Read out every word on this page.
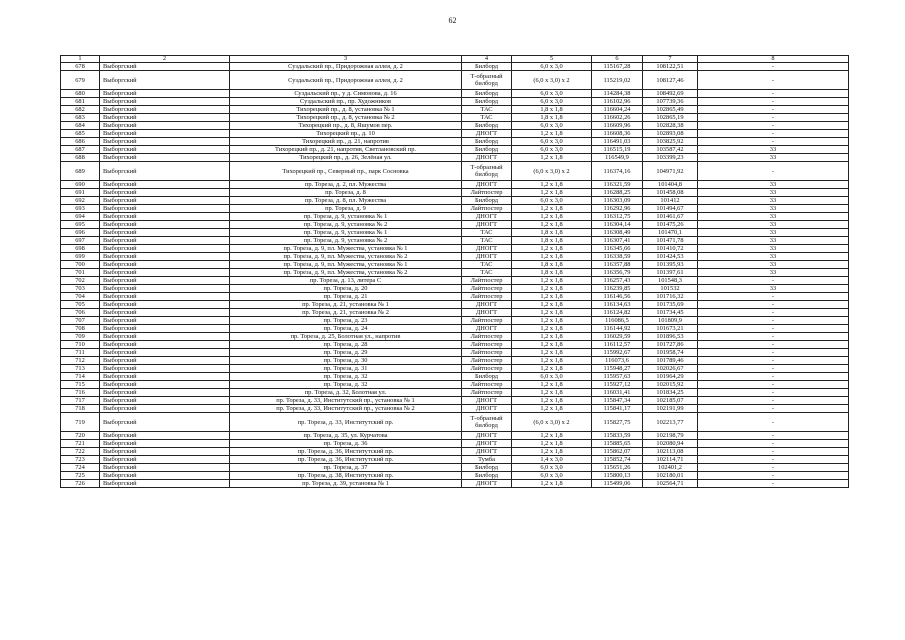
62
1	2	3	4	5	6	7	8
678	Выборгский	Суздальский пр., Придорожная аллея, д. 2	Билборд	6,0 x 3,0	115167,28	108122,51	-
679	Выборгский	Суздальский пр., Придорожная аллея, д. 2	Т-образный билборд	(6,0 x 3,0) x 2	115219,02	108127,46	-
680	Выборгский	Суздальский пр., у д. Симонова, д. 16	Билборд	6,0 x 3,0	114284,38	108492,69	-
681	Выборгский	Суздальский пр., пр. Художников	Билборд	6,0 x 3,0	116102,96	107739,36	-
682	Выборгский	Тихорецкий пр., д. 8, установка № 1	ТАС	1,8 x 1,8	116604,24	102865,49	-
683	Выборгский	Тихорецкий пр., д. 8, установка № 2	ТАС	1,8 x 1,8	116602,26	102865,19	-
684	Выборгский	Тихорецкий пр., д. 8, Яшумов пер.	Билборд	6,0 x 3,0	116609,96	102828,38	-
685	Выборгский	Тихорецкий пр., д. 10	ДНОГТ	1,2 x 1,8	116608,36	102893,08	-
686	Выборгский	Тихорецкий пр., д. 21, напротив	Билборд	6,0 x 3,0	116491,03	103825,92	-
687	Выборгский	Тихорецкий пр., д. 21, напротив, Светлановский пр.	Билборд	6,0 x 3,0	116515,19	103587,42	33
688	Выборгский	Тихорецкий пр., д. 26, Зелёная ул.	ДНОГТ	1,2 x 1,8	116549,9	103399,23	33
689	Выборгский	Тихорецкий пр., Северный пр., парк Сосновка	Т-образный билборд	(6,0 x 3,0) x 2	116374,16	104971,92	-
690	Выборгский	пр. Тореза, д. 2, пл. Мужества	ДНОГТ	1,2 x 1,8	116321,59	101404,8	33
691	Выборгский	пр. Тореза, д. 8	Лайтпостер	1,2 x 1,8	116288,25	101458,08	33
692	Выборгский	пр. Тореза, д. 8, пл. Мужества	Билборд	6,0 x 3,0	116303,09	101412	33
693	Выборгский	пр. Тореза, д. 9	Лайтпостер	1,2 x 1,8	116292,96	101494,67	33
694	Выборгский	пр. Тореза, д. 9, установка № 1	ДНОГТ	1,2 x 1,8	116312,75	101461,67	33
695	Выборгский	пр. Тореза, д. 9, установка № 2	ДНОГТ	1,2 x 1,8	116304,14	101475,26	33
696	Выборгский	пр. Тореза, д. 9, установка № 1	ТАС	1,8 x 1,8	116308,49	101470,1	33
697	Выборгский	пр. Тореза, д. 9, установка № 2	ТАС	1,8 x 1,8	116307,41	101471,78	33
698	Выборгский	пр. Тореза, д. 9, пл. Мужества, установка № 1	ДНОГТ	1,2 x 1,8	116345,66	101410,72	33
699	Выборгский	пр. Тореза, д. 9, пл. Мужества, установка № 2	ДНОГТ	1,2 x 1,8	116338,59	101424,53	33
700	Выборгский	пр. Тореза, д. 9, пл. Мужества, установка № 1	ТАС	1,8 x 1,8	116357,88	101395,93	33
701	Выборгский	пр. Тореза, д. 9, пл. Мужества, установка № 2	ТАС	1,8 x 1,8	116356,79	101397,61	33
702	Выборгский	пр. Тореза, д. 13, литера С	Лайтпостер	1,2 x 1,8	116257,43	101548,3	-
703	Выборгский	пр. Тореза, д. 20	Лайтпостер	1,2 x 1,8	116239,85	101532	33
704	Выборгский	пр. Тореза, д. 21	Лайтпостер	1,2 x 1,8	116146,56	101716,32	-
705	Выборгский	пр. Тореза, д. 21, установка № 1	ДНОГТ	1,2 x 1,8	116134,63	101735,69	-
706	Выборгский	пр. Тореза, д. 21, установка № 2	ДНОГТ	1,2 x 1,8	116124,82	101734,45	-
707	Выборгский	пр. Тореза, д. 23	Лайтпостер	1,2 x 1,8	116086,5	101809,9	-
708	Выборгский	пр. Тореза, д. 24	ДНОГТ	1,2 x 1,8	116144,92	101673,21	-
709	Выборгский	пр. Тореза, д. 25, Болотная ул., напротив	Лайтпостер	1,2 x 1,8	116029,59	101896,53	-
710	Выборгский	пр. Тореза, д. 28	Лайтпостер	1,2 x 1,8	116112,57	101727,86	-
711	Выборгский	пр. Тореза, д. 29	Лайтпостер	1,2 x 1,8	115992,67	101958,74	-
712	Выборгский	пр. Тореза, д. 30	Лайтпостер	1,2 x 1,8	116073,6	101789,46	-
713	Выборгский	пр. Тореза, д. 31	Лайтпостер	1,2 x 1,8	115948,27	102026,67	-
714	Выборгский	пр. Тореза, д. 32	Билборд	6,0 x 3,0	115957,63	101964,29	-
715	Выборгский	пр. Тореза, д. 32	Лайтпостер	1,2 x 1,8	115927,12	102015,92	-
716	Выборгский	пр. Тореза, д. 32, Болотная ул.	Лайтпостер	1,2 x 1,8	116031,41	101834,25	-
717	Выборгский	пр. Тореза, д. 33, Институтский пр., установка № 1	ДНОГТ	1,2 x 1,8	115847,34	102185,07	-
718	Выборгский	пр. Тореза, д. 33, Институтский пр., установка № 2	ДНОГТ	1,2 x 1,8	115841,17	102191,99	-
719	Выборгский	пр. Тореза, д. 33, Институтский пр.	Т-образный билборд	(6,0 x 3,0) x 2	115827,75	102213,77	-
720	Выборгский	пр. Тореза, д. 35, ул. Курчатова	ДНОГТ	1,2 x 1,8	115833,59	102198,79	-
721	Выборгский	пр. Тореза, д. 36	ДНОГТ	1,2 x 1,8	115885,65	102080,94	-
722	Выборгский	пр. Тореза, д. 36, Институтский пр.	ДНОГТ	1,2 x 1,8	115862,07	102113,08	-
723	Выборгский	пр. Тореза, д. 36, Институтский пр.	Тумба	1,4 x 3,0	115852,74	102114,71	-
724	Выборгский	пр. Тореза, д. 37	Билборд	6,0 x 3,0	115651,26	102401,2	-
725	Выборгский	пр. Тореза, д. 38, Институтский пр.	Билборд	6,0 x 3,0	115800,13	102180,01	-
726	Выборгский	пр. Тореза, д. 39, установка № 1	ДНОГТ	1,2 x 1,8	115499,06	102564,71	-
